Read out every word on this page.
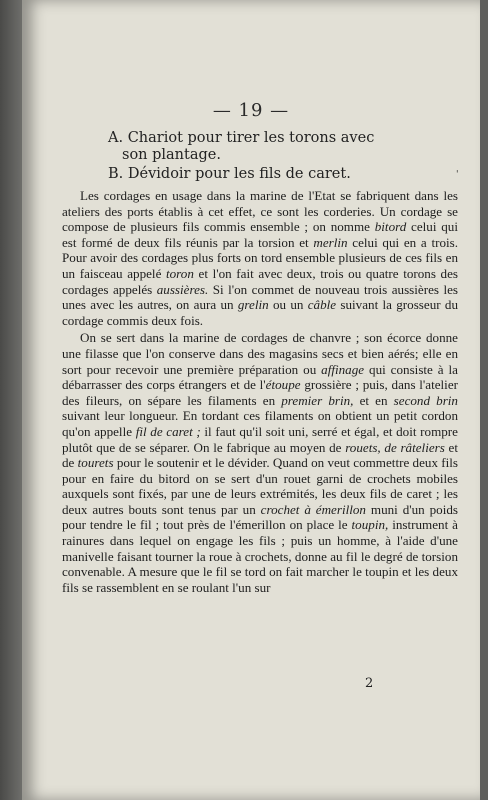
— 19 —
'
A. Chariot pour tirer les torons avec
son plantage.
B. Dévidoir pour les fils de caret.

Les cordages en usage dans la marine de l'Etat se fabriquent dans les ateliers des ports établis à cet effet, ce sont les corderies. Un cordage se compose de plusieurs fils commis ensemble ; on nomme bitord celui qui est formé de deux fils réunis par la torsion et merlin celui qui en a trois. Pour avoir des cordages plus forts on tord ensemble plusieurs de ces fils en un faisceau appelé toron et l'on fait avec deux, trois ou quatre torons des cordages appelés aussières. Si l'on commet de nouveau trois aussières les unes avec les autres, on aura un grelin ou un câble suivant la grosseur du cordage commis deux fois.

On se sert dans la marine de cordages de chanvre ; son écorce donne une filasse que l'on conserve dans des magasins secs et bien aérés; elle en sort pour recevoir une première préparation ou affinage qui consiste à la débarrasser des corps étrangers et de l'étoupe grossière ; puis, dans l'atelier des fileurs, on sépare les filaments en premier brin, et en second brin suivant leur longueur. En tordant ces filaments on obtient un petit cordon qu'on appelle fil de caret ; il faut qu'il soit uni, serré et égal, et doit rompre plutôt que de se séparer. On le fabrique au moyen de rouets, de râteliers et de tourets pour le soutenir et le dévider. Quand on veut commettre deux fils pour en faire du bitord on se sert d'un rouet garni de crochets mobiles auxquels sont fixés, par une de leurs extrémités, les deux fils de caret ; les deux autres bouts sont tenus par un crochet à émerillon muni d'un poids pour tendre le fil ; tout près de l'émerillon on place le toupin, instrument à rainures dans lequel on engage les fils ; puis un homme, à l'aide d'une manivelle faisant tourner la roue à crochets, donne au fil le degré de torsion convenable. A mesure que le fil se tord on fait marcher le toupin et les deux fils se rassemblent en se roulant l'un sur

2
